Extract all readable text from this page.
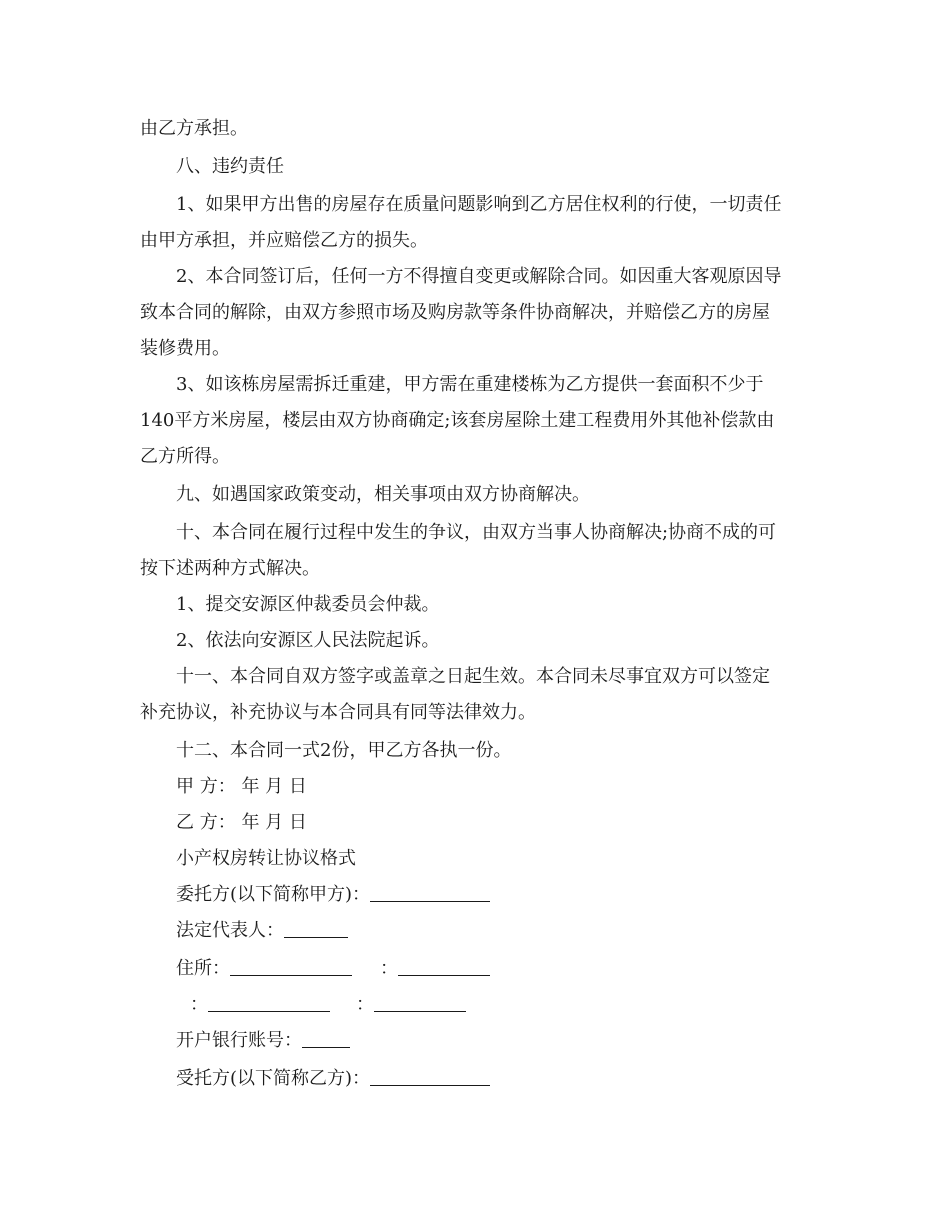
由乙方承担。
八、违约责任
1、如果甲方出售的房屋存在质量问题影响到乙方居住权利的行使，一切责任
由甲方承担，并应赔偿乙方的损失。
2、本合同签订后，任何一方不得擅自变更或解除合同。如因重大客观原因导
致本合同的解除，由双方参照市场及购房款等条件协商解决，并赔偿乙方的房屋
装修费用。
3、如该栋房屋需拆迁重建，甲方需在重建楼栋为乙方提供一套面积不少于
140平方米房屋，楼层由双方协商确定;该套房屋除土建工程费用外其他补偿款由
乙方所得。
九、如遇国家政策变动，相关事项由双方协商解决。
十、本合同在履行过程中发生的争议，由双方当事人协商解决;协商不成的可
按下述两种方式解决。
1、提交安源区仲裁委员会仲裁。
2、依法向安源区人民法院起诉。
十一、本合同自双方签字或盖章之日起生效。本合同未尽事宜双方可以签定
补充协议，补充协议与本合同具有同等法律效力。
十二、本合同一式2份，甲乙方各执一份。
甲 方： 年 月 日
乙 方： 年 月 日
小产权房转让协议格式
委托方(以下简称甲方)：
法定代表人：
住所：	：
：	：
开户银行账号：
受托方(以下简称乙方)：
